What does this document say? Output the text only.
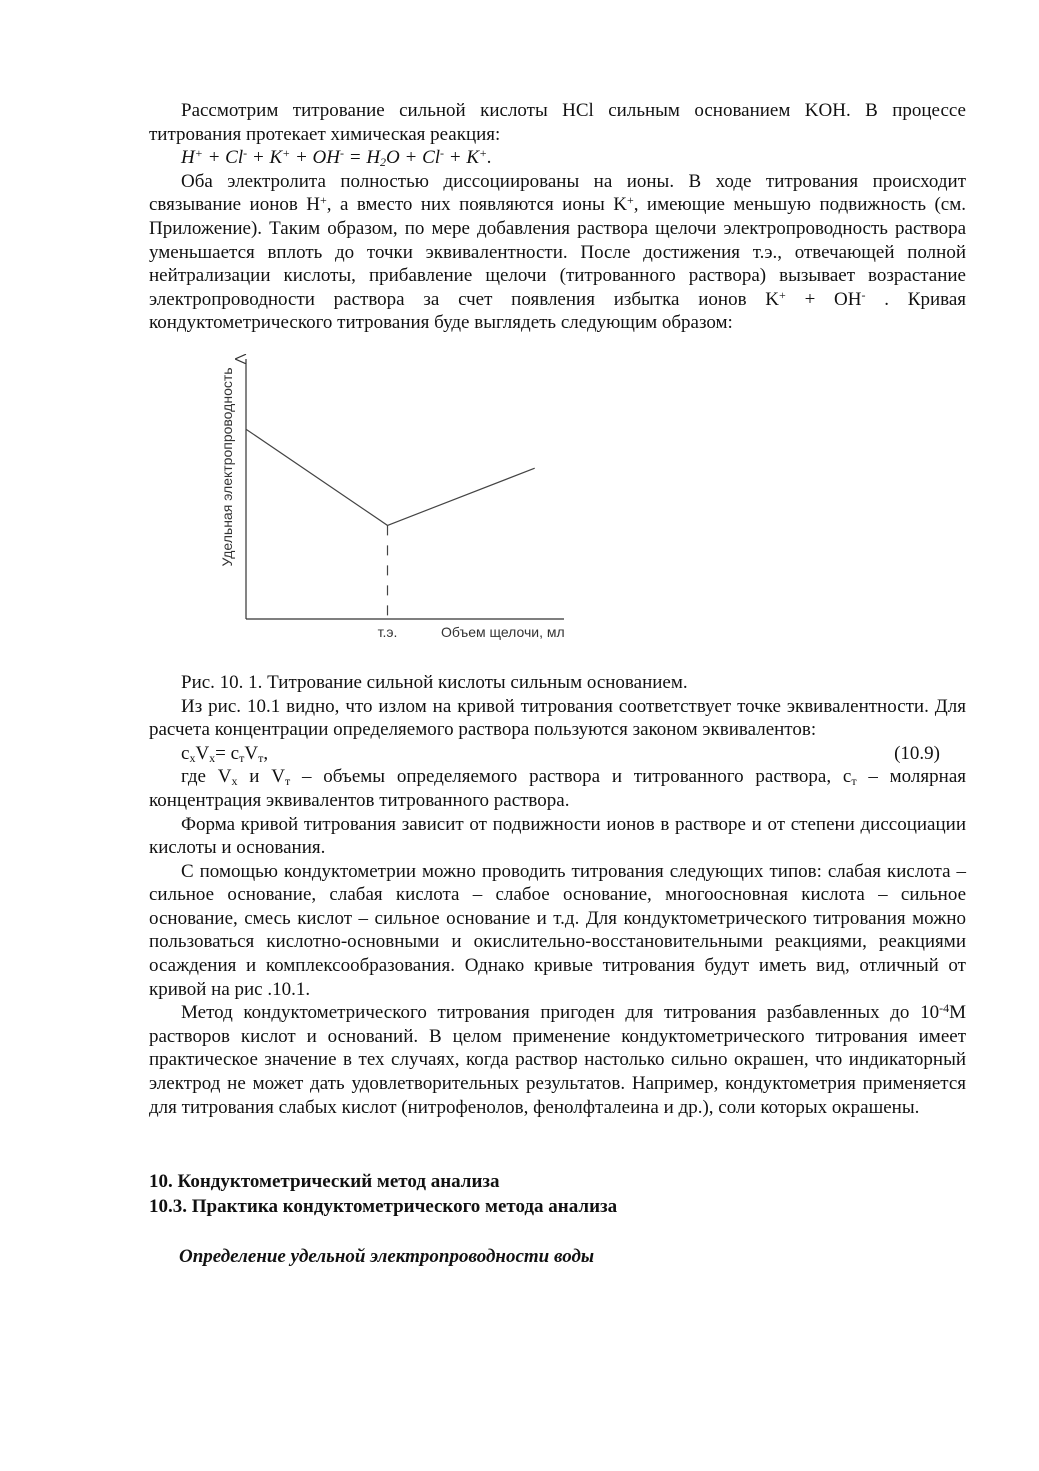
Рассмотрим титрование сильной кислоты HCl сильным основанием KOH. В процессе титрования протекает химическая реакция:

$H^+ + Cl^- + K^+ + OH^- = H_2O + Cl^- + K^+$.

Оба электролита полностью диссоциированы на ионы. В ходе титрования происходит связывание ионов H+, а вместо них появляются ионы K+, имеющие меньшую подвижность (см. Приложение). Таким образом, по мере добавления раствора щелочи электропроводность раствора уменьшается вплоть до точки эквивалентности. После достижения т.э., отвечающей полной нейтрализации кислоты, прибавление щелочи (титрованного раствора) вызывает возрастание электропроводности раствора за счет появления избытка ионов K+ + OH- . Кривая кондуктометрического титрования буде выглядеть следующим образом:

Удельная электропроводность
т.э.	Объем щелочи, мл

Рис. 10. 1. Титрование сильной кислоты сильным основанием.

Из рис. 10.1 видно, что излом на кривой титрования соответствует точке эквивалентности. Для расчета концентрации определяемого раствора пользуются законом эквивалентов:

$c_xV_x= c_тV_т$,	(10.9)

где $V_x$ и $V_т$ – объемы определяемого раствора и титрованного раствора, $c_т$ – молярная концентрация эквивалентов титрованного раствора.

Форма кривой титрования зависит от подвижности ионов в растворе и от степени диссоциации кислоты и основания.

С помощью кондуктометрии можно проводить титрования следующих типов: слабая кислота – сильное основание, слабая кислота – слабое основание, многоосновная кислота – сильное основание, смесь кислот – сильное основание и т.д. Для кондуктометрического титрования можно пользоваться кислотно-основными и окислительно-восстановительными реакциями, реакциями осаждения и комплексообразования. Однако кривые титрования будут иметь вид, отличный от кривой на рис .10.1.

Метод кондуктометрического титрования пригоден для титрования разбавленных до $10^{-4}М$ растворов кислот и оснований. В целом применение кондуктометрического титрования имеет практическое значение в тех случаях, когда раствор настолько сильно окрашен, что индикаторный электрод не может дать удовлетворительных результатов. Например, кондуктометрия применяется для титрования слабых кислот (нитрофенолов, фенолфталеина и др.), соли которых окрашены.

10. Кондуктометрический метод анализа

10.3. Практика кондуктометрического метода анализа

Определение удельной электропроводности воды
